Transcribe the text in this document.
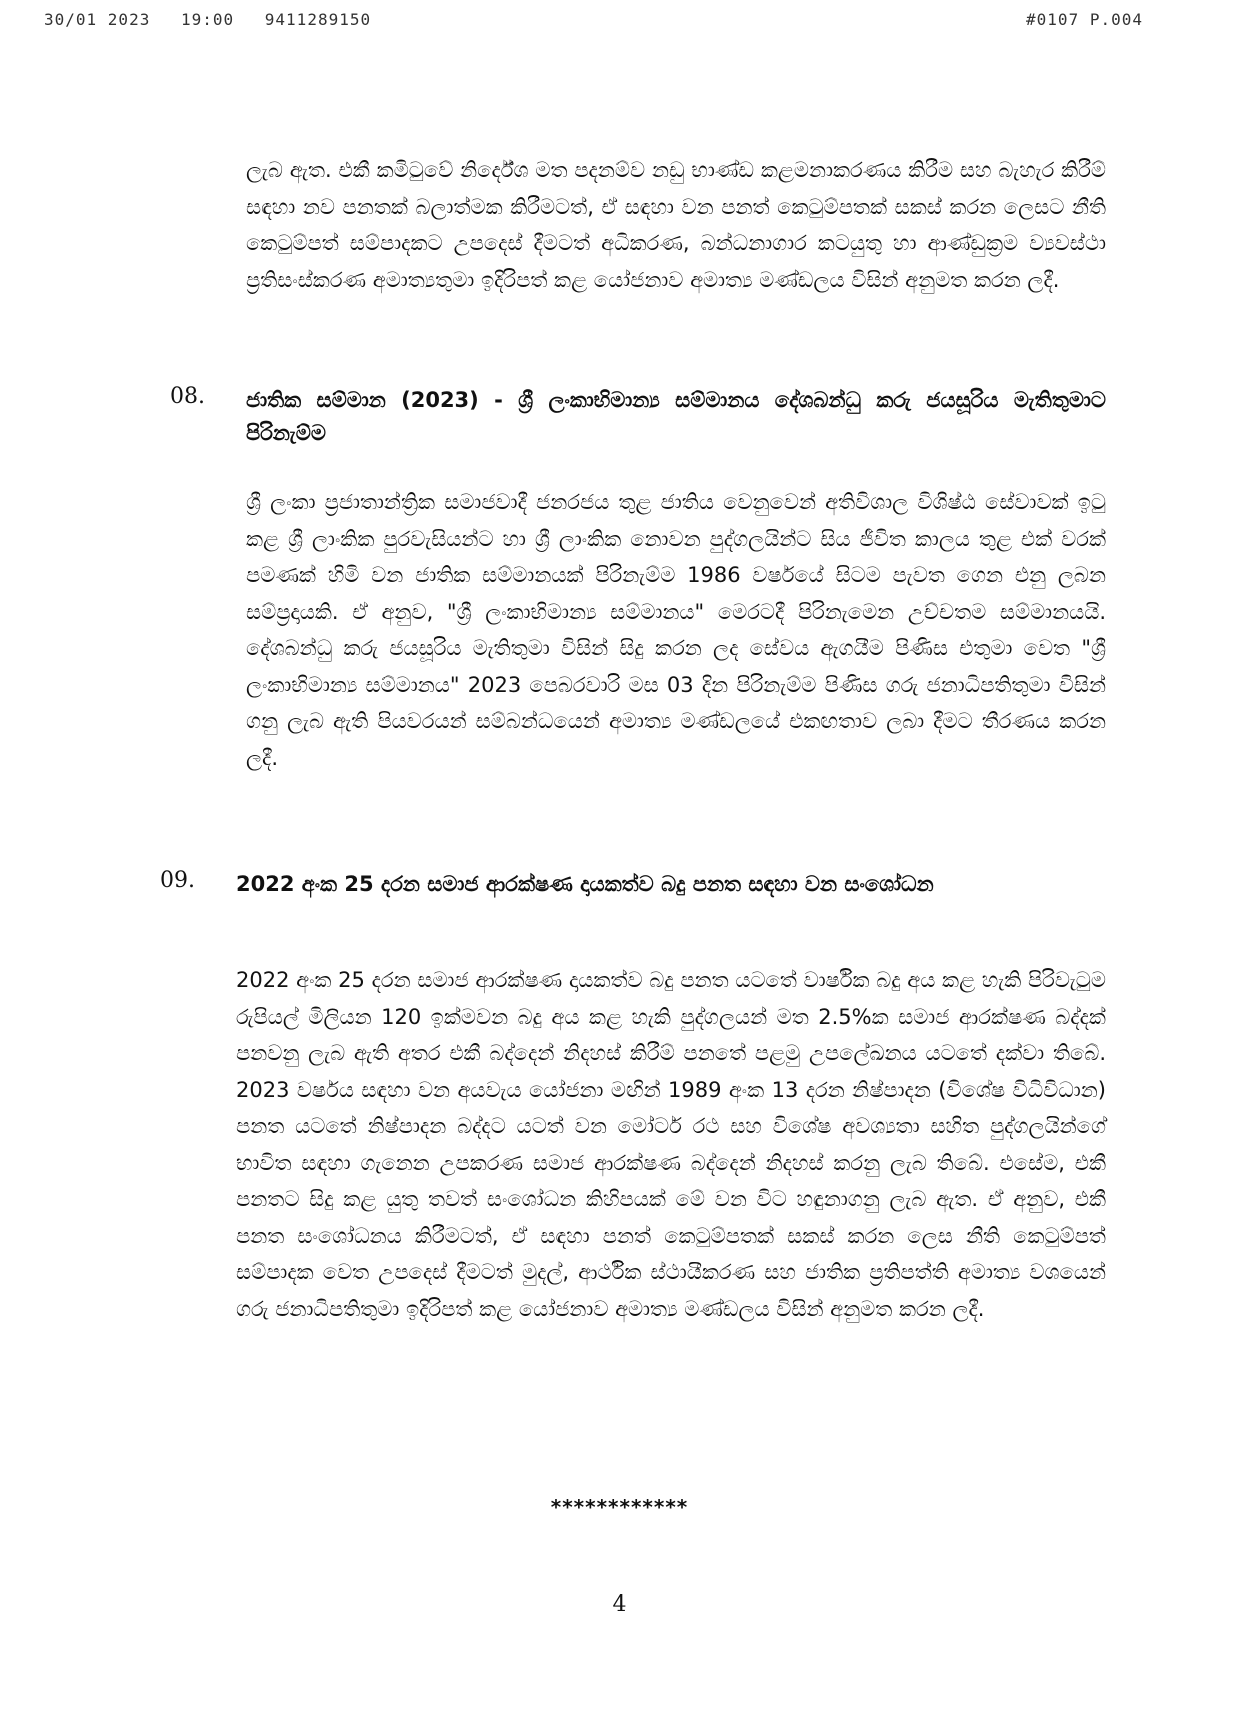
30/01 2023 19:00 9411289150	#0107 P.004
ලැබ ඇත. එකී කමිටුවේ නිර්දේශ මත පදනම්ව නඩු භාණ්ඩ කළමනාකරණය කිරීම සහ බැහැර කිරීම් සඳහා නව පනතක් බලාත්මක කිරීමටත්, ඒ සඳහා වන පනත් කෙටුම්පතක් සකස් කරන ලෙසට නීති කෙටුම්පත් සම්පාදකට උපදෙස් දීමටත් අධිකරණ, බන්ධනාගාර කටයුතු හා ආණ්ඩුක්‍රම ව්‍යවස්ථා ප්‍රතිසංස්කරණ අමාත්‍යතුමා ඉදිරිපත් කළ යෝජනාව අමාත්‍ය මණ්ඩලය විසින් අනුමත කරන ලදී.
08. ජාතික සම්මාන (2023) - ශ්‍රී ලංකාභිමාන්‍ය සම්මානය දේශබන්ධු කරු ජයසූරිය මැතිතුමාට පිරිනැම්ම
ශ්‍රී ලංකා ප්‍රජාතාන්ත්‍රික සමාජවාදී ජනරජය තුළ ජාතිය වෙනුවෙන් අතිවිශාල විශිෂ්ඨ සේවාවක් ඉටු කළ ශ්‍රී ලාංකික පුරවැසියන්ට හා ශ්‍රී ලාංකික නොවන පුද්ගලයින්ට සිය ජීවිත කාලය තුළ එක් වරක් පමණක් හිමි වන ජාතික සම්මානයක් පිරිනැම්ම 1986 වර්ෂයේ සිටම පැවත ගෙන එනු ලබන සම්ප්‍රදායකි. ඒ අනුව, "ශ්‍රී ලංකාභිමාන්‍ය සම්මානය" මෙරටදී පිරිනැමෙන උච්චතම සම්මානයයි. දේශබන්ධු කරු ජයසූරිය මැතිතුමා විසින් සිදු කරන ලද සේවය ඇගයීම පිණිස එතුමා වෙත "ශ්‍රී ලංකාභිමාන්‍ය සම්මානය" 2023 පෙබරවාරි මස 03 දින පිරිනැම්ම පිණිස ගරු ජනාධිපතිතුමා විසින් ගනු ලැබ ඇති පියවරයන් සම්බන්ධයෙන් අමාත්‍ය මණ්ඩලයේ එකඟතාව ලබා දීමට තීරණය කරන ලදී.
09. 2022 අංක 25 දරන සමාජ ආරක්ෂණ දායකත්ව බදු පනත සඳහා වන සංශෝධන
2022 අංක 25 දරන සමාජ ආරක්ෂණ දායකත්ව බදු පනත යටතේ වාර්ෂික බදු අය කළ හැකි පිරිවැටුම රුපියල් මිලියන 120 ඉක්මවන බදු අය කළ හැකි පුද්ගලයන් මත 2.5%ක සමාජ ආරක්ෂණ බද්දක් පනවනු ලැබ ඇති අතර එකී බද්දෙන් නිදහස් කිරීම් පනතේ පළමු උපලේඛනය යටතේ දක්වා තිබේ. 2023 වර්ෂය සඳහා වන අයවැය යෝජනා මඟින් 1989 අංක 13 දරන නිෂ්පාදන (විශේෂ විධිවිධාන) පනත යටතේ නිෂ්පාදන බද්දට යටත් වන මෝටර් රථ සහ විශේෂ අවශ්‍යතා සහිත පුද්ගලයින්ගේ භාවිත සඳහා ගැනෙන උපකරණ සමාජ ආරක්ෂණ බද්දෙන් නිදහස් කරනු ලැබ තිබේ. එසේම, එකී පනතට සිදු කළ යුතු තවත් සංශෝධන කිහිපයක් මේ වන විට හඳුනාගනු ලැබ ඇත. ඒ අනුව, එකී පනත සංශෝධනය කිරීමටත්, ඒ සඳහා පනත් කෙටුම්පතක් සකස් කරන ලෙස නීති කෙටුම්පත් සම්පාදක වෙත උපදෙස් දීමටත් මුදල්, ආර්ථික ස්ථායීකරණ සහ ජාතික ප්‍රතිපත්ති අමාත්‍ය වශයෙන් ගරු ජනාධිපතිතුමා ඉදිරිපත් කළ යෝජනාව අමාත්‍ය මණ්ඩලය විසින් අනුමත කරන ලදී.
************
4
